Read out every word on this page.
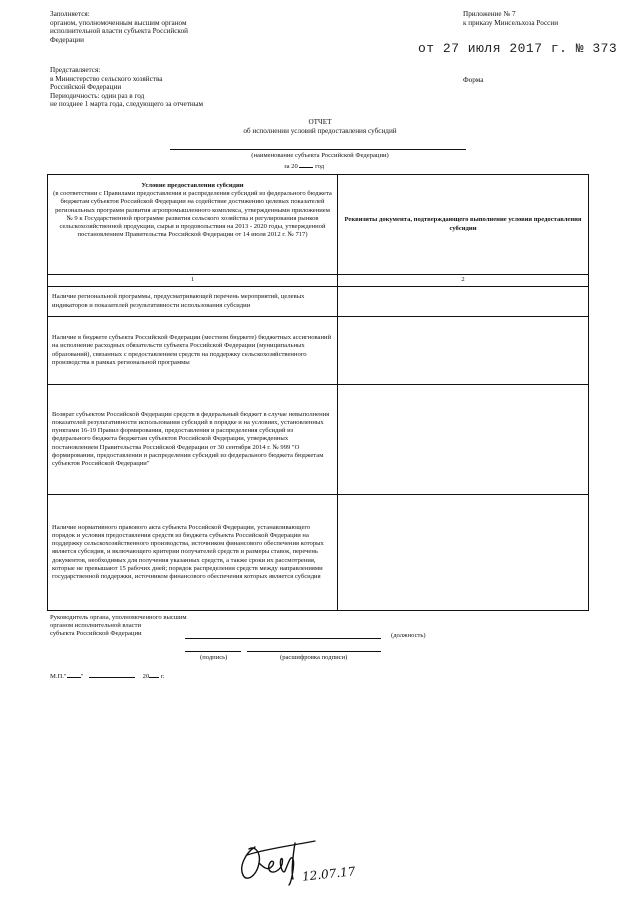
Заполняется:
органом, уполномоченным высшим органом
исполнительной власти субъекта Российской
Федерации
Приложение № 7
к приказу Минсельхоза России
от 27 июля 2017 г. № 373
Представляется:
в Министерство сельского хозяйства
Российской Федерации
Периодичность: один раз в год
не позднее 1 марта года, следующего за отчетным
Форма
ОТЧЕТ
об исполнении условий предоставления субсидий
(наименование субъекта Российской Федерации)
за 20	год
Условие предоставления субсидии
(в соответствии с Правилами предоставления и распределения субсидий из федерального бюджета бюджетам субъектов Российской Федерации на содействие достижению целевых показателей региональных программ развития агропромышленного комплекса, утвержденными приложением № 9 к Государственной программе развития сельского хозяйства и регулирования рынков сельскохозяйственной продукции, сырья и продовольствия на 2013 - 2020 годы, утвержденной постановлением Правительства Российской Федерации от 14 июля 2012 г. № 717)	Реквизиты документа, подтверждающего выполнение условия предоставления субсидии
1	2
Наличие региональной программы, предусматривающей перечень мероприятий, целевых индикаторов и показателей результативности использования субсидии	
Наличие в бюджете субъекта Российской Федерации (местном бюджете) бюджетных ассигнований на исполнение расходных обязательств субъекта Российской Федерации (муниципальных образований), связанных с предоставлением средств на поддержку сельскохозяйственного производства в рамках региональной программы	
Возврат субъектом Российской Федерации средств в федеральный бюджет в случае невыполнения показателей результативности использования субсидий в порядке и на условиях, установленных пунктами 16-19 Правил формирования, предоставления и распределения субсидий из федерального бюджета бюджетам субъектов Российской Федерации, утвержденных постановлением Правительства Российской Федерации от 30 сентября 2014 г. № 999 "О формировании, предоставлении и распределении субсидий из федерального бюджета бюджетам субъектов Российской Федерации"	
Наличие нормативного правового акта субъекта Российской Федерации, устанавливающего порядок и условия предоставления средств из бюджета субъекта Российской Федерации на поддержку сельскохозяйственного производства, источником финансового обеспечения которых является субсидия, и включающего критерии получателей средств и размеры ставок, перечень документов, необходимых для получения указанных средств, а также сроки их рассмотрения, которые не превышают 15 рабочих дней; порядок распределения средств между направлениями государственной поддержки, источником финансового обеспечения которых является субсидия	
Руководитель органа, уполномоченного высшим
органом исполнительной власти
субъекта Российской Федерации	(должность)
(подпись)	(расшифровка подписи)
М.П." "	20 г.
12.07.17
